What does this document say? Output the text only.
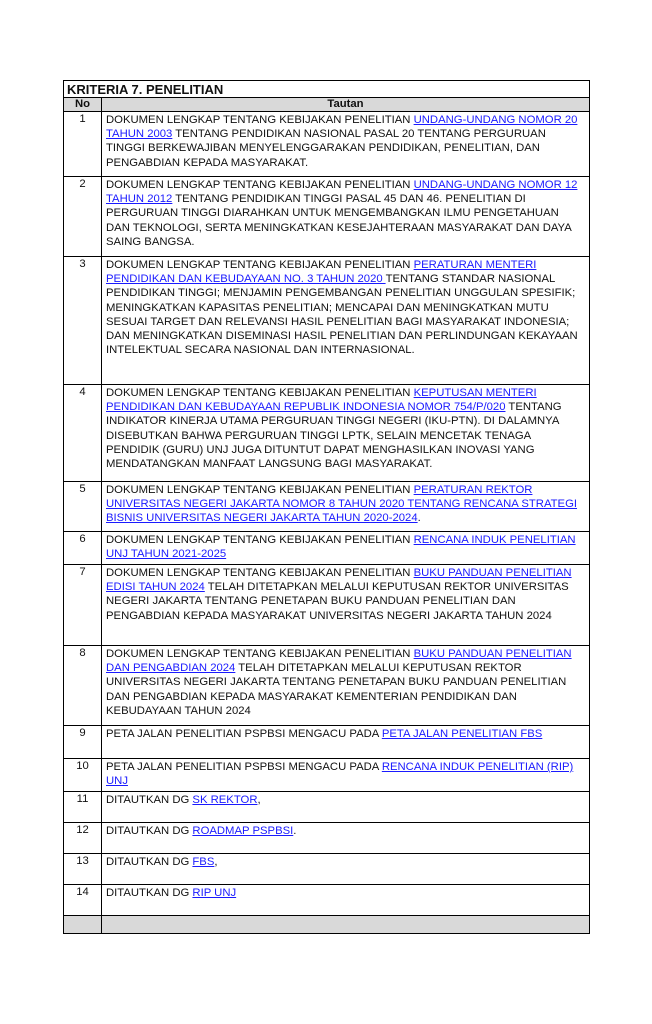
KRITERIA 7. PENELITIAN	
No	Tautan
1	DOKUMEN LENGKAP TENTANG KEBIJAKAN PENELITIAN UNDANG-UNDANG NOMOR 20 TAHUN 2003 TENTANG PENDIDIKAN NASIONAL PASAL 20 TENTANG PERGURUAN TINGGI BERKEWAJIBAN MENYELENGGARAKAN PENDIDIKAN, PENELITIAN, DAN PENGABDIAN KEPADA MASYARAKAT.
2	DOKUMEN LENGKAP TENTANG KEBIJAKAN PENELITIAN UNDANG-UNDANG NOMOR 12 TAHUN 2012 TENTANG PENDIDIKAN TINGGI PASAL 45 DAN 46. PENELITIAN DI PERGURUAN TINGGI DIARAHKAN UNTUK MENGEMBANGKAN ILMU PENGETAHUAN DAN TEKNOLOGI, SERTA MENINGKATKAN KESEJAHTERAAN MASYARAKAT DAN DAYA SAING BANGSA.
3	DOKUMEN LENGKAP TENTANG KEBIJAKAN PENELITIAN PERATURAN MENTERI PENDIDIKAN DAN KEBUDAYAAN NO. 3 TAHUN 2020 TENTANG STANDAR NASIONAL PENDIDIKAN TINGGI; MENJAMIN PENGEMBANGAN PENELITIAN UNGGULAN SPESIFIK; MENINGKATKAN KAPASITAS PENELITIAN; MENCAPAI DAN MENINGKATKAN MUTU SESUAI TARGET DAN RELEVANSI HASIL PENELITIAN BAGI MASYARAKAT INDONESIA; DAN MENINGKATKAN DISEMINASI HASIL PENELITIAN DAN PERLINDUNGAN KEKAYAAN INTELEKTUAL SECARA NASIONAL DAN INTERNASIONAL.
4	DOKUMEN LENGKAP TENTANG KEBIJAKAN PENELITIAN KEPUTUSAN MENTERI PENDIDIKAN DAN KEBUDAYAAN REPUBLIK INDONESIA NOMOR 754/P/020 TENTANG INDIKATOR KINERJA UTAMA PERGURUAN TINGGI NEGERI (IKU-PTN). DI DALAMNYA DISEBUTKAN BAHWA PERGURUAN TINGGI LPTK, SELAIN MENCETAK TENAGA PENDIDIK (GURU) UNJ JUGA DITUNTUT DAPAT MENGHASILKAN INOVASI YANG MENDATANGKAN MANFAAT LANGSUNG BAGI MASYARAKAT.
5	DOKUMEN LENGKAP TENTANG KEBIJAKAN PENELITIAN PERATURAN REKTOR UNIVERSITAS NEGERI JAKARTA NOMOR 8 TAHUN 2020 TENTANG RENCANA STRATEGI BISNIS UNIVERSITAS NEGERI JAKARTA TAHUN 2020-2024.
6	DOKUMEN LENGKAP TENTANG KEBIJAKAN PENELITIAN RENCANA INDUK PENELITIAN UNJ TAHUN 2021-2025
7	DOKUMEN LENGKAP TENTANG KEBIJAKAN PENELITIAN BUKU PANDUAN PENELITIAN EDISI TAHUN 2024 TELAH DITETAPKAN MELALUI KEPUTUSAN REKTOR UNIVERSITAS NEGERI JAKARTA TENTANG PENETAPAN BUKU PANDUAN PENELITIAN DAN PENGABDIAN KEPADA MASYARAKAT UNIVERSITAS NEGERI JAKARTA TAHUN 2024
8	DOKUMEN LENGKAP TENTANG KEBIJAKAN PENELITIAN BUKU PANDUAN PENELITIAN DAN PENGABDIAN 2024 TELAH DITETAPKAN MELALUI KEPUTUSAN REKTOR UNIVERSITAS NEGERI JAKARTA TENTANG PENETAPAN BUKU PANDUAN PENELITIAN DAN PENGABDIAN KEPADA MASYARAKAT KEMENTERIAN PENDIDIKAN DAN KEBUDAYAAN TAHUN 2024
9	PETA JALAN PENELITIAN PSPBSI MENGACU PADA PETA JALAN PENELITIAN FBS
10	PETA JALAN PENELITIAN PSPBSI MENGACU PADA RENCANA INDUK PENELITIAN (RIP) UNJ
11	DITAUTKAN DG SK REKTOR,
12	DITAUTKAN DG ROADMAP PSPBSI.
13	DITAUTKAN DG FBS,
14	DITAUTKAN DG RIP UNJ
